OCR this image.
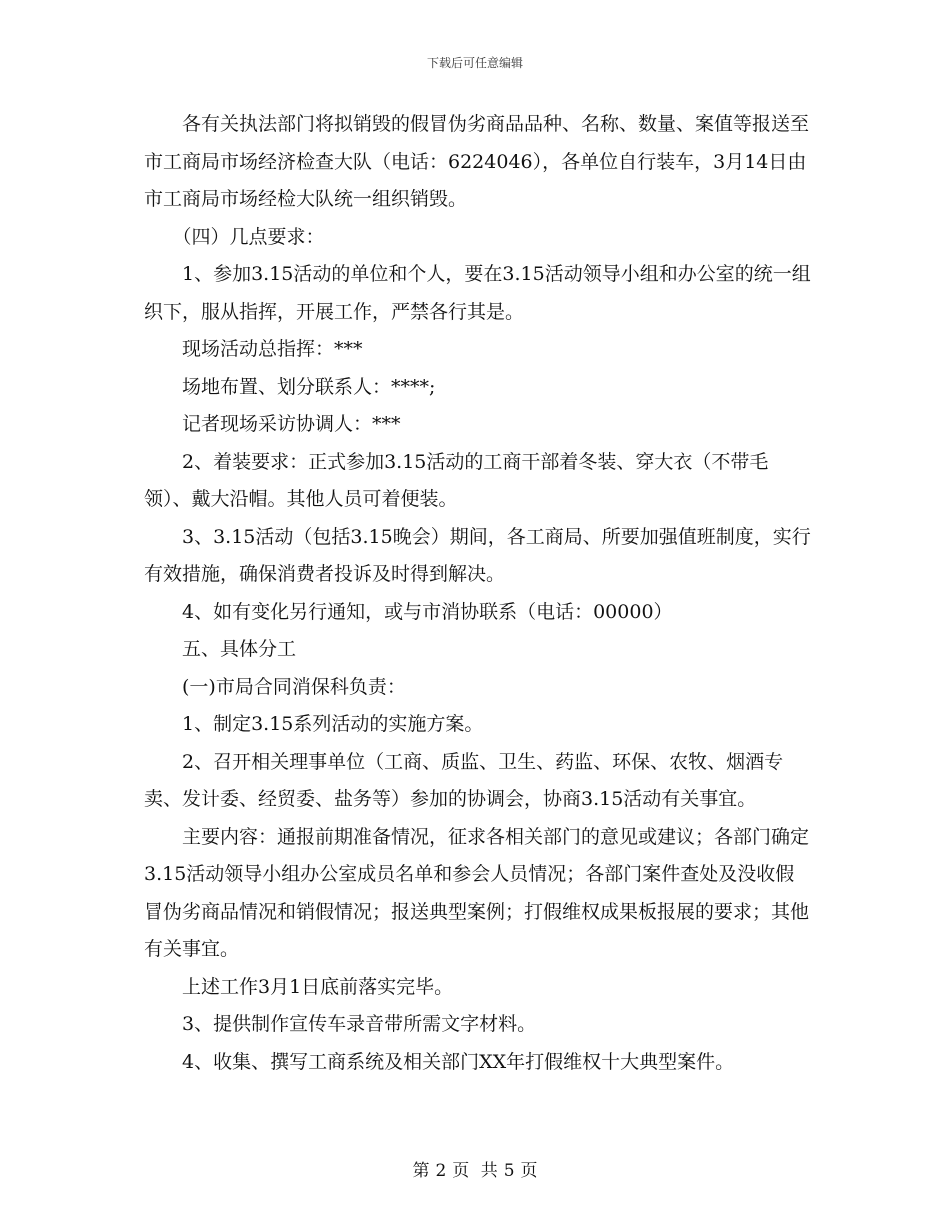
下载后可任意编辑

各有关执法部门将拟销毁的假冒伪劣商品品种、名称、数量、案值等报送至市工商局市场经济检查大队（电话：6224046），各单位自行装车，3月14日由市工商局市场经检大队统一组织销毁。

（四）几点要求：

1、参加3.15活动的单位和个人，要在3.15活动领导小组和办公室的统一组织下，服从指挥，开展工作，严禁各行其是。

现场活动总指挥：***

场地布置、划分联系人：****;

记者现场采访协调人：***

2、着装要求：正式参加3.15活动的工商干部着冬装、穿大衣（不带毛领）、戴大沿帽。其他人员可着便装。

3、3.15活动（包括3.15晚会）期间，各工商局、所要加强值班制度，实行有效措施，确保消费者投诉及时得到解决。

4、如有变化另行通知，或与市消协联系（电话：00000）

五、具体分工

(一)市局合同消保科负责：

1、制定3.15系列活动的实施方案。

2、召开相关理事单位（工商、质监、卫生、药监、环保、农牧、烟酒专卖、发计委、经贸委、盐务等）参加的协调会，协商3.15活动有关事宜。

主要内容：通报前期准备情况，征求各相关部门的意见或建议；各部门确定3.15活动领导小组办公室成员名单和参会人员情况；各部门案件查处及没收假冒伪劣商品情况和销假情况；报送典型案例；打假维权成果板报展的要求；其他有关事宜。

上述工作3月1日底前落实完毕。

3、提供制作宣传车录音带所需文字材料。

4、收集、撰写工商系统及相关部门XX年打假维权十大典型案件。

第 2 页 共 5 页
